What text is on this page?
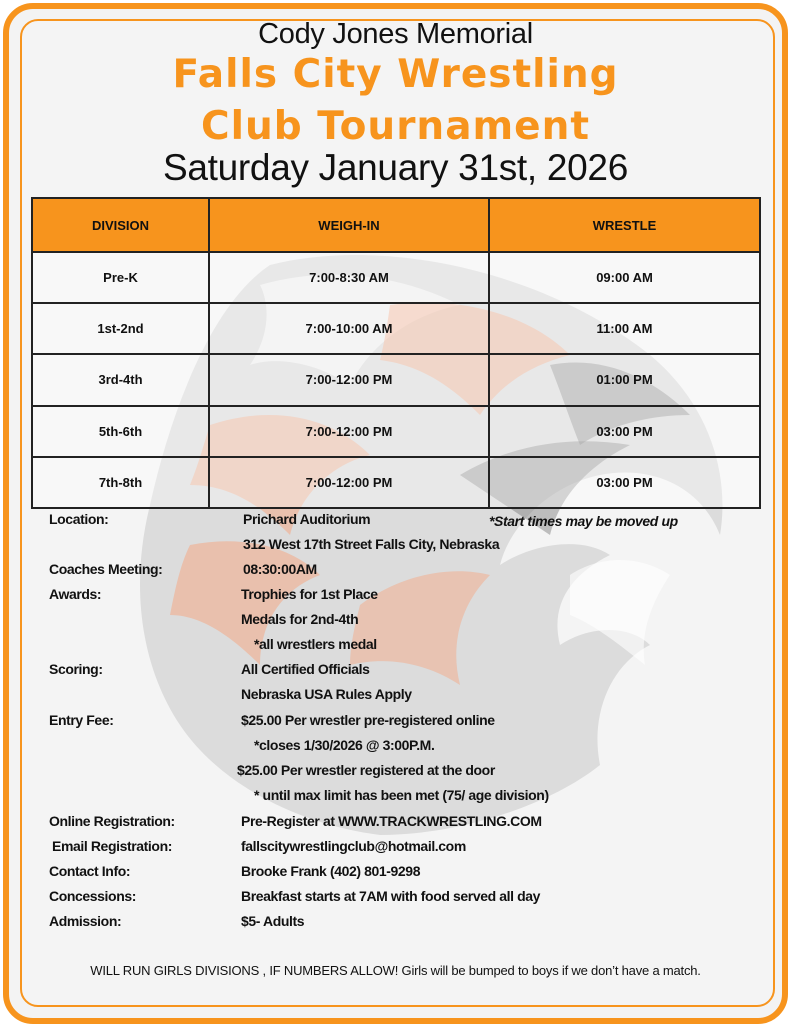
Cody Jones Memorial
Falls City Wrestling
Club Tournament
Saturday January 31st, 2026
DIVISION	WEIGH-IN	WRESTLE
Pre-K	7:00-8:30 AM	09:00 AM
1st-2nd	7:00-10:00 AM	11:00 AM
3rd-4th	7:00-12:00 PM	01:00 PM
5th-6th	7:00-12:00 PM	03:00 PM
7th-8th	7:00-12:00 PM	03:00 PM
Location:	Prichard Auditorium	*Start times may be moved up
312 West 17th Street Falls City, Nebraska
Coaches Meeting:	08:30:00AM
Awards:	Trophies for 1st Place
Medals for 2nd-4th
*all wrestlers medal
Scoring:	All Certified Officials
Nebraska USA Rules Apply
Entry Fee:	$25.00 Per wrestler pre-registered online
*closes 1/30/2026 @ 3:00P.M.
$25.00 Per wrestler registered at the door
* until max limit has been met (75/ age division)
Online Registration:	Pre-Register at WWW.TRACKWRESTLING.COM
Email Registration:	fallscitywrestlingclub@hotmail.com
Contact Info:	Brooke Frank (402) 801-9298
Concessions:	Breakfast starts at 7AM with food served all day
Admission:	$5- Adults
WILL RUN GIRLS DIVISIONS , IF NUMBERS ALLOW! Girls will be bumped to boys if we don’t have a match.
